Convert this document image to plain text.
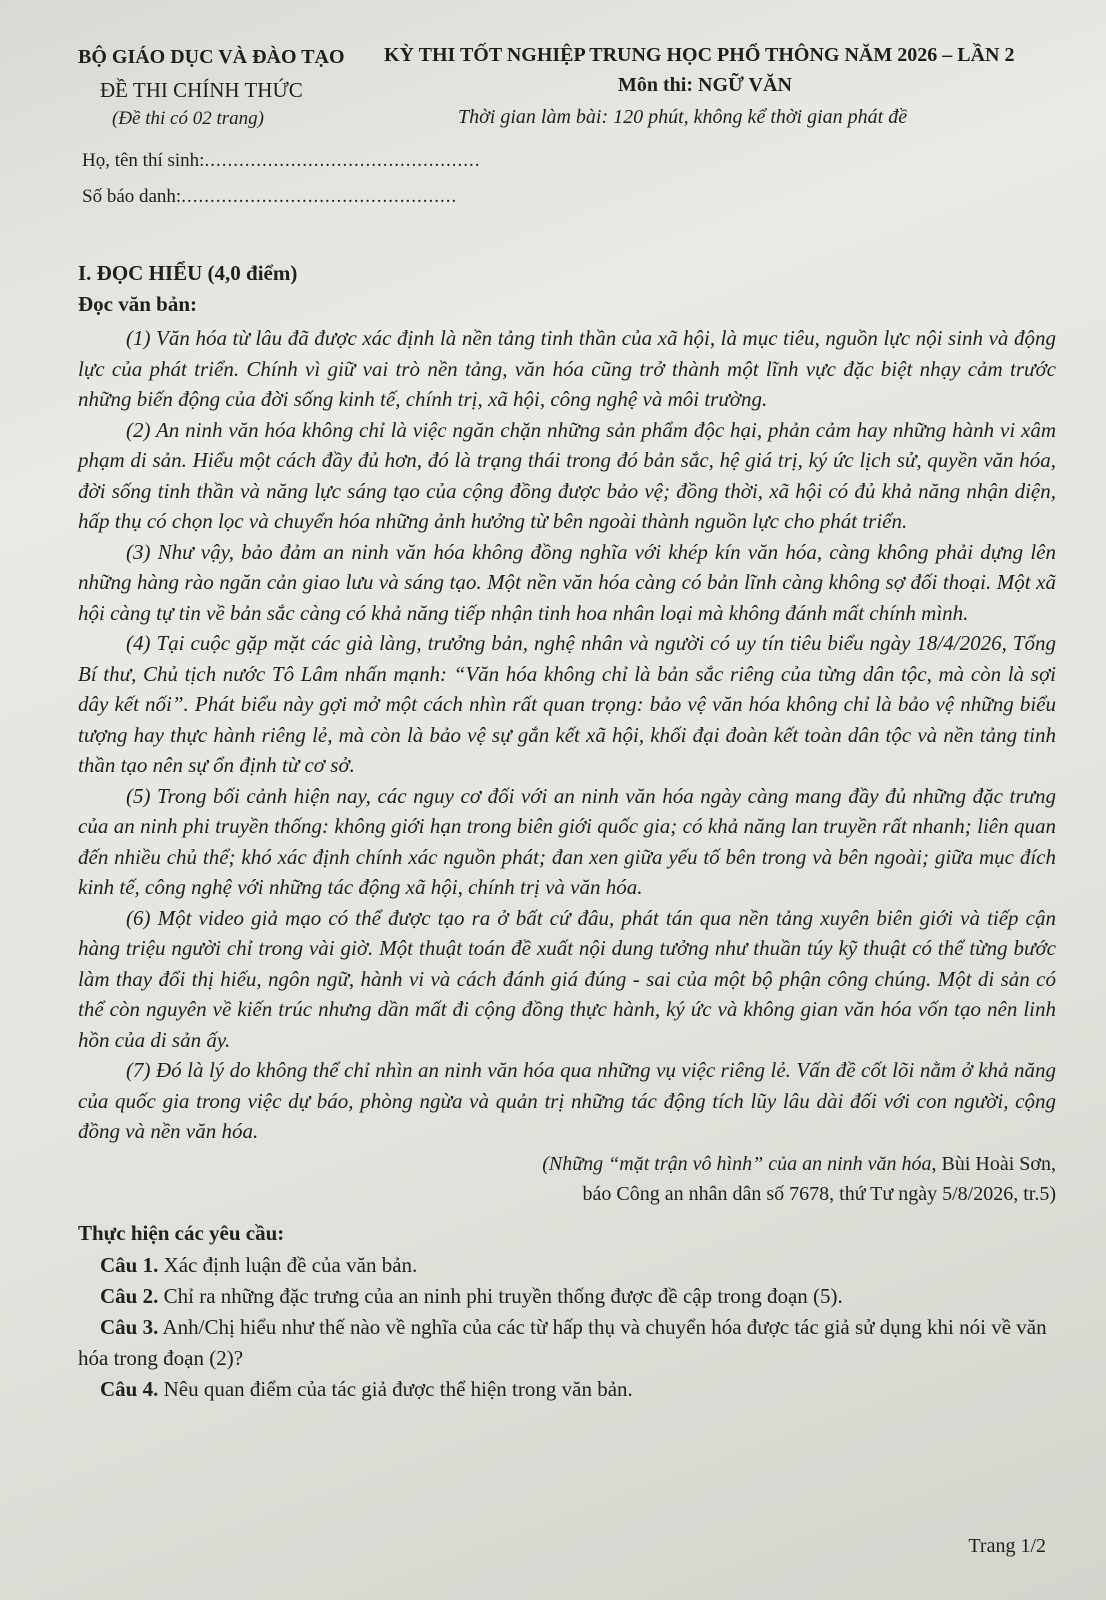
BỘ GIÁO DỤC VÀ ĐÀO TẠO KỲ THI TỐT NGHIỆP TRUNG HỌC PHỔ THÔNG NĂM 2026 – LẦN 2
ĐỀ THI CHÍNH THỨC	Môn thi: NGỮ VĂN
(Đề thi có 02 trang)	Thời gian làm bài: 120 phút, không kể thời gian phát đề
Họ, tên thí sinh:................................................
Số báo danh:................................................
I. ĐỌC HIỂU (4,0 điểm)
Đọc văn bản:

(1) Văn hóa từ lâu đã được xác định là nền tảng tinh thần của xã hội, là mục tiêu, nguồn lực nội sinh và động lực của phát triển. Chính vì giữ vai trò nền tảng, văn hóa cũng trở thành một lĩnh vực đặc biệt nhạy cảm trước những biến động của đời sống kinh tế, chính trị, xã hội, công nghệ và môi trường.

(2) An ninh văn hóa không chỉ là việc ngăn chặn những sản phẩm độc hại, phản cảm hay những hành vi xâm phạm di sản. Hiểu một cách đầy đủ hơn, đó là trạng thái trong đó bản sắc, hệ giá trị, ký ức lịch sử, quyền văn hóa, đời sống tinh thần và năng lực sáng tạo của cộng đồng được bảo vệ; đồng thời, xã hội có đủ khả năng nhận diện, hấp thụ có chọn lọc và chuyển hóa những ảnh hưởng từ bên ngoài thành nguồn lực cho phát triển.

(3) Như vậy, bảo đảm an ninh văn hóa không đồng nghĩa với khép kín văn hóa, càng không phải dựng lên những hàng rào ngăn cản giao lưu và sáng tạo. Một nền văn hóa càng có bản lĩnh càng không sợ đối thoại. Một xã hội càng tự tin về bản sắc càng có khả năng tiếp nhận tinh hoa nhân loại mà không đánh mất chính mình.

(4) Tại cuộc gặp mặt các già làng, trưởng bản, nghệ nhân và người có uy tín tiêu biểu ngày 18/4/2026, Tổng Bí thư, Chủ tịch nước Tô Lâm nhấn mạnh: “Văn hóa không chỉ là bản sắc riêng của từng dân tộc, mà còn là sợi dây kết nối”. Phát biểu này gợi mở một cách nhìn rất quan trọng: bảo vệ văn hóa không chỉ là bảo vệ những biểu tượng hay thực hành riêng lẻ, mà còn là bảo vệ sự gắn kết xã hội, khối đại đoàn kết toàn dân tộc và nền tảng tinh thần tạo nên sự ổn định từ cơ sở.

(5) Trong bối cảnh hiện nay, các nguy cơ đối với an ninh văn hóa ngày càng mang đầy đủ những đặc trưng của an ninh phi truyền thống: không giới hạn trong biên giới quốc gia; có khả năng lan truyền rất nhanh; liên quan đến nhiều chủ thể; khó xác định chính xác nguồn phát; đan xen giữa yếu tố bên trong và bên ngoài; giữa mục đích kinh tế, công nghệ với những tác động xã hội, chính trị và văn hóa.

(6) Một video giả mạo có thể được tạo ra ở bất cứ đâu, phát tán qua nền tảng xuyên biên giới và tiếp cận hàng triệu người chỉ trong vài giờ. Một thuật toán đề xuất nội dung tưởng như thuần túy kỹ thuật có thể từng bước làm thay đổi thị hiếu, ngôn ngữ, hành vi và cách đánh giá đúng - sai của một bộ phận công chúng. Một di sản có thể còn nguyên về kiến trúc nhưng dần mất đi cộng đồng thực hành, ký ức và không gian văn hóa vốn tạo nên linh hồn của di sản ấy.

(7) Đó là lý do không thể chỉ nhìn an ninh văn hóa qua những vụ việc riêng lẻ. Vấn đề cốt lõi nằm ở khả năng của quốc gia trong việc dự báo, phòng ngừa và quản trị những tác động tích lũy lâu dài đối với con người, cộng đồng và nền văn hóa.

(Những “mặt trận vô hình” của an ninh văn hóa, Bùi Hoài Sơn,
báo Công an nhân dân số 7678, thứ Tư ngày 5/8/2026, tr.5)

Thực hiện các yêu cầu:

Câu 1. Xác định luận đề của văn bản.

Câu 2. Chỉ ra những đặc trưng của an ninh phi truyền thống được đề cập trong đoạn (5).

Câu 3. Anh/Chị hiểu như thế nào về nghĩa của các từ hấp thụ và chuyển hóa được tác giả sử dụng khi nói về văn hóa trong đoạn (2)?

Câu 4. Nêu quan điểm của tác giả được thể hiện trong văn bản.

Trang 1/2
